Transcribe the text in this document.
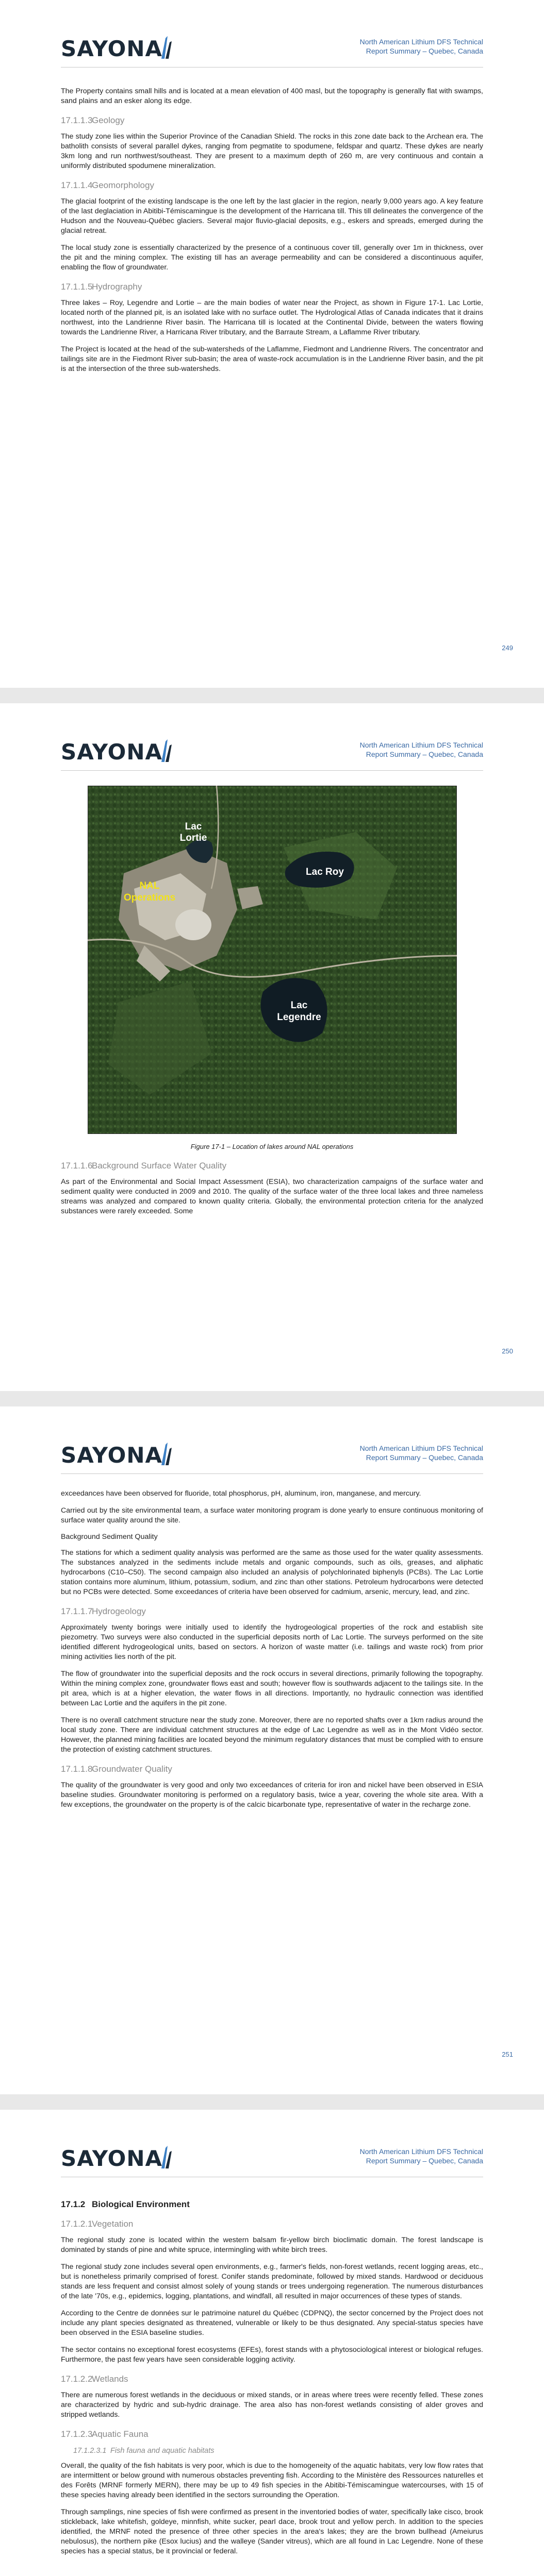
SAYONA	North American Lithium DFS Technical
Report Summary – Quebec, Canada

The Property contains small hills and is located at a mean elevation of 400 masl, but the topography is generally flat with swamps, sand plains and an esker along its edge.

17.1.1.3Geology

The study zone lies within the Superior Province of the Canadian Shield. The rocks in this zone date back to the Archean era. The batholith consists of several parallel dykes, ranging from pegmatite to spodumene, feldspar and quartz. These dykes are nearly 3km long and run northwest/southeast. They are present to a maximum depth of 260 m, are very continuous and contain a uniformly distributed spodumene mineralization.

17.1.1.4Geomorphology

The glacial footprint of the existing landscape is the one left by the last glacier in the region, nearly 9,000 years ago. A key feature of the last deglaciation in Abitibi-Témiscamingue is the development of the Harricana till. This till delineates the convergence of the Hudson and the Nouveau-Québec glaciers. Several major fluvio-glacial deposits, e.g., eskers and spreads, emerged during the glacial retreat.

The local study zone is essentially characterized by the presence of a continuous cover till, generally over 1m in thickness, over the pit and the mining complex. The existing till has an average permeability and can be considered a discontinuous aquifer, enabling the flow of groundwater.

17.1.1.5Hydrography

Three lakes – Roy, Legendre and Lortie – are the main bodies of water near the Project, as shown in Figure 17-1. Lac Lortie, located north of the planned pit, is an isolated lake with no surface outlet. The Hydrological Atlas of Canada indicates that it drains northwest, into the Landrienne River basin. The Harricana till is located at the Continental Divide, between the waters flowing towards the Landrienne River, a Harricana River tributary, and the Barraute Stream, a Laflamme River tributary.

The Project is located at the head of the sub-watersheds of the Laflamme, Fiedmont and Landrienne Rivers. The concentrator and tailings site are in the Fiedmont River sub-basin; the area of waste-rock accumulation is in the Landrienne River basin, and the pit is at the intersection of the three sub-watersheds.

249
SAYONA	North American Lithium DFS Technical
Report Summary – Quebec, Canada
Lac
Lortie
Lac Roy
Lac
Legendre
NAL
Operations
Figure 17-1 – Location of lakes around NAL operations
17.1.1.6Background Surface Water Quality

As part of the Environmental and Social Impact Assessment (ESIA), two characterization campaigns of the surface water and sediment quality were conducted in 2009 and 2010. The quality of the surface water of the three local lakes and three nameless streams was analyzed and compared to known quality criteria. Globally, the environmental protection criteria for the analyzed substances were rarely exceeded. Some

250
SAYONA	North American Lithium DFS Technical
Report Summary – Quebec, Canada

exceedances have been observed for fluoride, total phosphorus, pH, aluminum, iron, manganese, and mercury.

Carried out by the site environmental team, a surface water monitoring program is done yearly to ensure continuous monitoring of surface water quality around the site.

Background Sediment Quality

The stations for which a sediment quality analysis was performed are the same as those used for the water quality assessments. The substances analyzed in the sediments include metals and organic compounds, such as oils, greases, and aliphatic hydrocarbons (C10–C50). The second campaign also included an analysis of polychlorinated biphenyls (PCBs). The Lac Lortie station contains more aluminum, lithium, potassium, sodium, and zinc than other stations. Petroleum hydrocarbons were detected but no PCBs were detected. Some exceedances of criteria have been observed for cadmium, arsenic, mercury, lead, and zinc.

17.1.1.7Hydrogeology

Approximately twenty borings were initially used to identify the hydrogeological properties of the rock and establish site piezometry. Two surveys were also conducted in the superficial deposits north of Lac Lortie. The surveys performed on the site identified different hydrogeological units, based on sectors. A horizon of waste matter (i.e. tailings and waste rock) from prior mining activities lies north of the pit.

The flow of groundwater into the superficial deposits and the rock occurs in several directions, primarily following the topography. Within the mining complex zone, groundwater flows east and south; however flow is southwards adjacent to the tailings site. In the pit area, which is at a higher elevation, the water flows in all directions. Importantly, no hydraulic connection was identified between Lac Lortie and the aquifers in the pit zone.

There is no overall catchment structure near the study zone. Moreover, there are no reported shafts over a 1km radius around the local study zone. There are individual catchment structures at the edge of Lac Legendre as well as in the Mont Vidéo sector. However, the planned mining facilities are located beyond the minimum regulatory distances that must be complied with to ensure the protection of existing catchment structures.

17.1.1.8Groundwater Quality

The quality of the groundwater is very good and only two exceedances of criteria for iron and nickel have been observed in ESIA baseline studies. Groundwater monitoring is performed on a regulatory basis, twice a year, covering the whole site area. With a few exceptions, the groundwater on the property is of the calcic bicarbonate type, representative of water in the recharge zone.

251
SAYONA	North American Lithium DFS Technical
Report Summary – Quebec, Canada
17.1.2 Biological Environment
17.1.2.1Vegetation

The regional study zone is located within the western balsam fir-yellow birch bioclimatic domain. The forest landscape is dominated by stands of pine and white spruce, intermingling with white birch trees.

The regional study zone includes several open environments, e.g., farmer's fields, non-forest wetlands, recent logging areas, etc., but is nonetheless primarily comprised of forest. Conifer stands predominate, followed by mixed stands. Hardwood or deciduous stands are less frequent and consist almost solely of young stands or trees undergoing regeneration. The numerous disturbances of the late '70s, e.g., epidemics, logging, plantations, and windfall, all resulted in major occurrences of these types of stands.

According to the Centre de données sur le patrimoine naturel du Québec (CDPNQ), the sector concerned by the Project does not include any plant species designated as threatened, vulnerable or likely to be thus designated. Any special-status species have been observed in the ESIA baseline studies.

The sector contains no exceptional forest ecosystems (EFEs), forest stands with a phytosociological interest or biological refuges. Furthermore, the past few years have seen considerable logging activity.

17.1.2.2Wetlands

There are numerous forest wetlands in the deciduous or mixed stands, or in areas where trees were recently felled. These zones are characterized by hydric and sub-hydric drainage. The area also has non-forest wetlands consisting of alder groves and stripped wetlands.

17.1.2.3Aquatic Fauna
17.1.2.3.1 Fish fauna and aquatic habitats

Overall, the quality of the fish habitats is very poor, which is due to the homogeneity of the aquatic habitats, very low flow rates that are intermittent or below ground with numerous obstacles preventing fish. According to the Ministère des Ressources naturelles et des Forêts (MRNF formerly MERN), there may be up to 49 fish species in the Abitibi-Témiscamingue watercourses, with 15 of these species having already been identified in the sectors surrounding the Operation.

Through samplings, nine species of fish were confirmed as present in the inventoried bodies of water, specifically lake cisco, brook stickleback, lake whitefish, goldeye, minnfish, white sucker, pearl dace, brook trout and yellow perch. In addition to the species identified, the MRNF noted the presence of three other species in the area's lakes; they are the brown bullhead (Ameiurus nebulosus), the northern pike (Esox lucius) and the walleye (Sander vitreus), which are all found in Lac Legendre. None of these species has a special status, be it provincial or federal.
